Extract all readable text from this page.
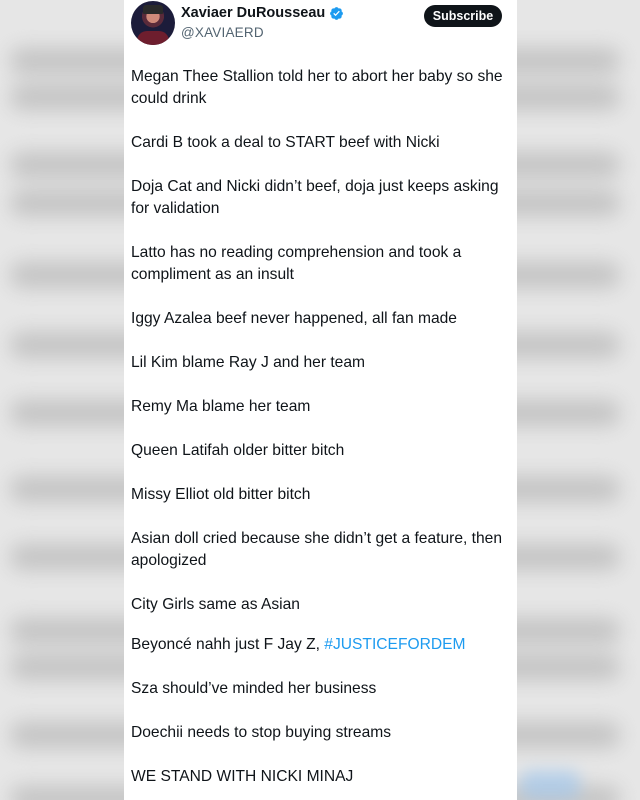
Xaviaer DuRousseau
@XAVIAERD
Subscribe

Megan Thee Stallion told her to abort her baby so she could drink

Cardi B took a deal to START beef with Nicki

Doja Cat and Nicki didn’t beef, doja just keeps asking for validation

Latto has no reading comprehension and took a compliment as an insult

Iggy Azalea beef never happened, all fan made

Lil Kim blame Ray J and her team

Remy Ma blame her team

Queen Latifah older bitter bitch

Missy Elliot old bitter bitch

Asian doll cried because she didn’t get a feature, then apologized

City Girls same as Asian

Beyoncé nahh just F Jay Z, #JUSTICEFORDEM

Sza should’ve minded her business

Doechii needs to stop buying streams

WE STAND WITH NICKI MINAJ
